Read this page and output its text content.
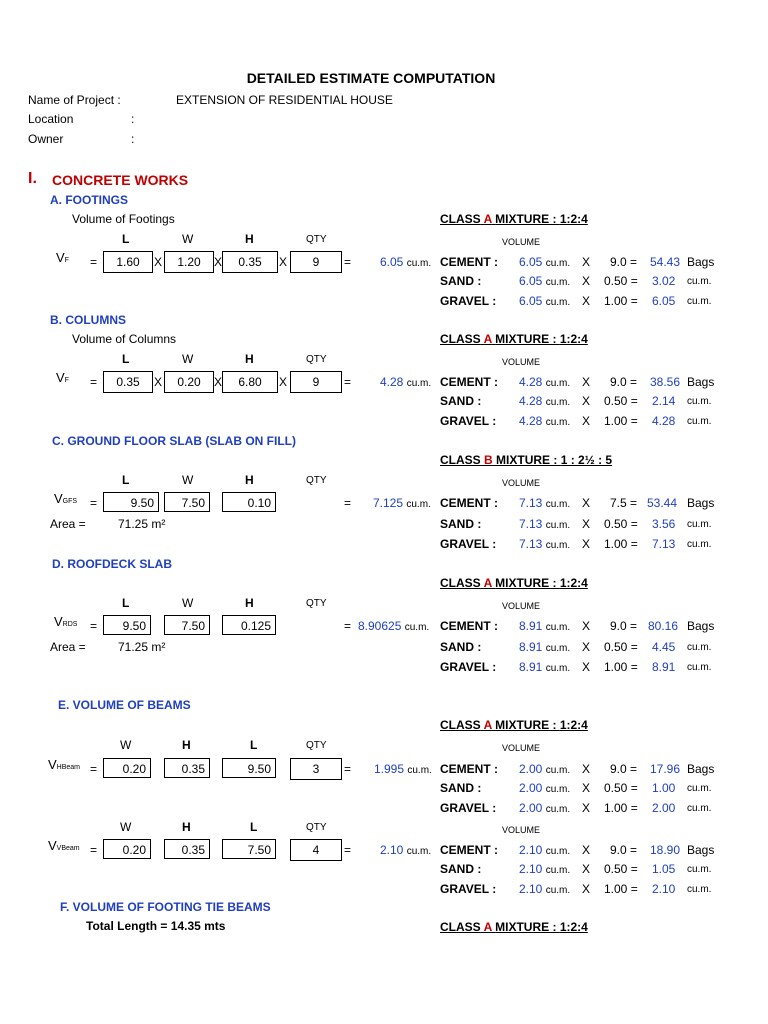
DETAILED ESTIMATE COMPUTATION
Name of Project :	EXTENSION OF RESIDENTIAL HOUSE
Location	:
Owner	:
I. CONCRETE WORKS
A. FOOTINGS
Volume of Footings	CLASS A MIXTURE : 1:2:4
L	W	H	QTY	VOLUME
VF =	1.60	X	1.20	X	0.35	X	9	= 6.05 cu.m. CEMENT : 6.05 cu.m. X 9.0 = 54.43 Bags
SAND :	6.05 cu.m. X 0.50 = 3.02 cu.m.
GRAVEL : 6.05 cu.m. X 1.00 = 6.05 cu.m.
B. COLUMNS
Volume of Columns	CLASS A MIXTURE : 1:2:4
L	W	H	QTY	VOLUME
VF =	0.35	X	0.20	X	6.80	X	9	= 4.28 cu.m. CEMENT : 4.28 cu.m. X 9.0 = 38.56 Bags
SAND :	4.28 cu.m. X 0.50 = 2.14 cu.m.
GRAVEL : 4.28 cu.m. X 1.00 = 4.28 cu.m.
C. GROUND FLOOR SLAB (SLAB ON FILL)
CLASS B MIXTURE : 1 : 2½ : 5
L	W	H	QTY	VOLUME
VGFS =	9.50	7.50	0.10	= 7.125 cu.m.
Area =	71.25 m²
CEMENT : 7.13 cu.m. X 7.5 = 53.44 Bags
SAND :	7.13 cu.m. X 0.50 = 3.56 cu.m.
GRAVEL : 7.13 cu.m. X 1.00 = 7.13 cu.m.
D. ROOFDECK SLAB
CLASS A MIXTURE : 1:2:4
L	W	H	QTY	VOLUME
VRDS =	9.50	7.50	0.125	= 8.90625 cu.m.
Area =	71.25 m²
CEMENT : 8.91 cu.m. X 9.0 = 80.16 Bags
SAND :	8.91 cu.m. X 0.50 = 4.45 cu.m.
GRAVEL : 8.91 cu.m. X 1.00 = 8.91 cu.m.
E. VOLUME OF BEAMS
CLASS A MIXTURE : 1:2:4
W	H	L	QTY	VOLUME
VHBeam =	0.20	0.35	9.50	3	= 1.995 cu.m. CEMENT : 2.00 cu.m. X 9.0 = 17.96 Bags
SAND :	2.00 cu.m. X 0.50 = 1.00 cu.m.
GRAVEL : 2.00 cu.m. X 1.00 = 2.00 cu.m.
W	H	L	QTY	VOLUME
VVBeam =	0.20	0.35	7.50	4	= 2.10 cu.m. CEMENT : 2.10 cu.m. X 9.0 = 18.90 Bags
SAND :	2.10 cu.m. X 0.50 = 1.05 cu.m.
GRAVEL : 2.10 cu.m. X 1.00 = 2.10 cu.m.
F. VOLUME OF FOOTING TIE BEAMS
Total Length = 14.35 mts	CLASS A MIXTURE : 1:2:4
